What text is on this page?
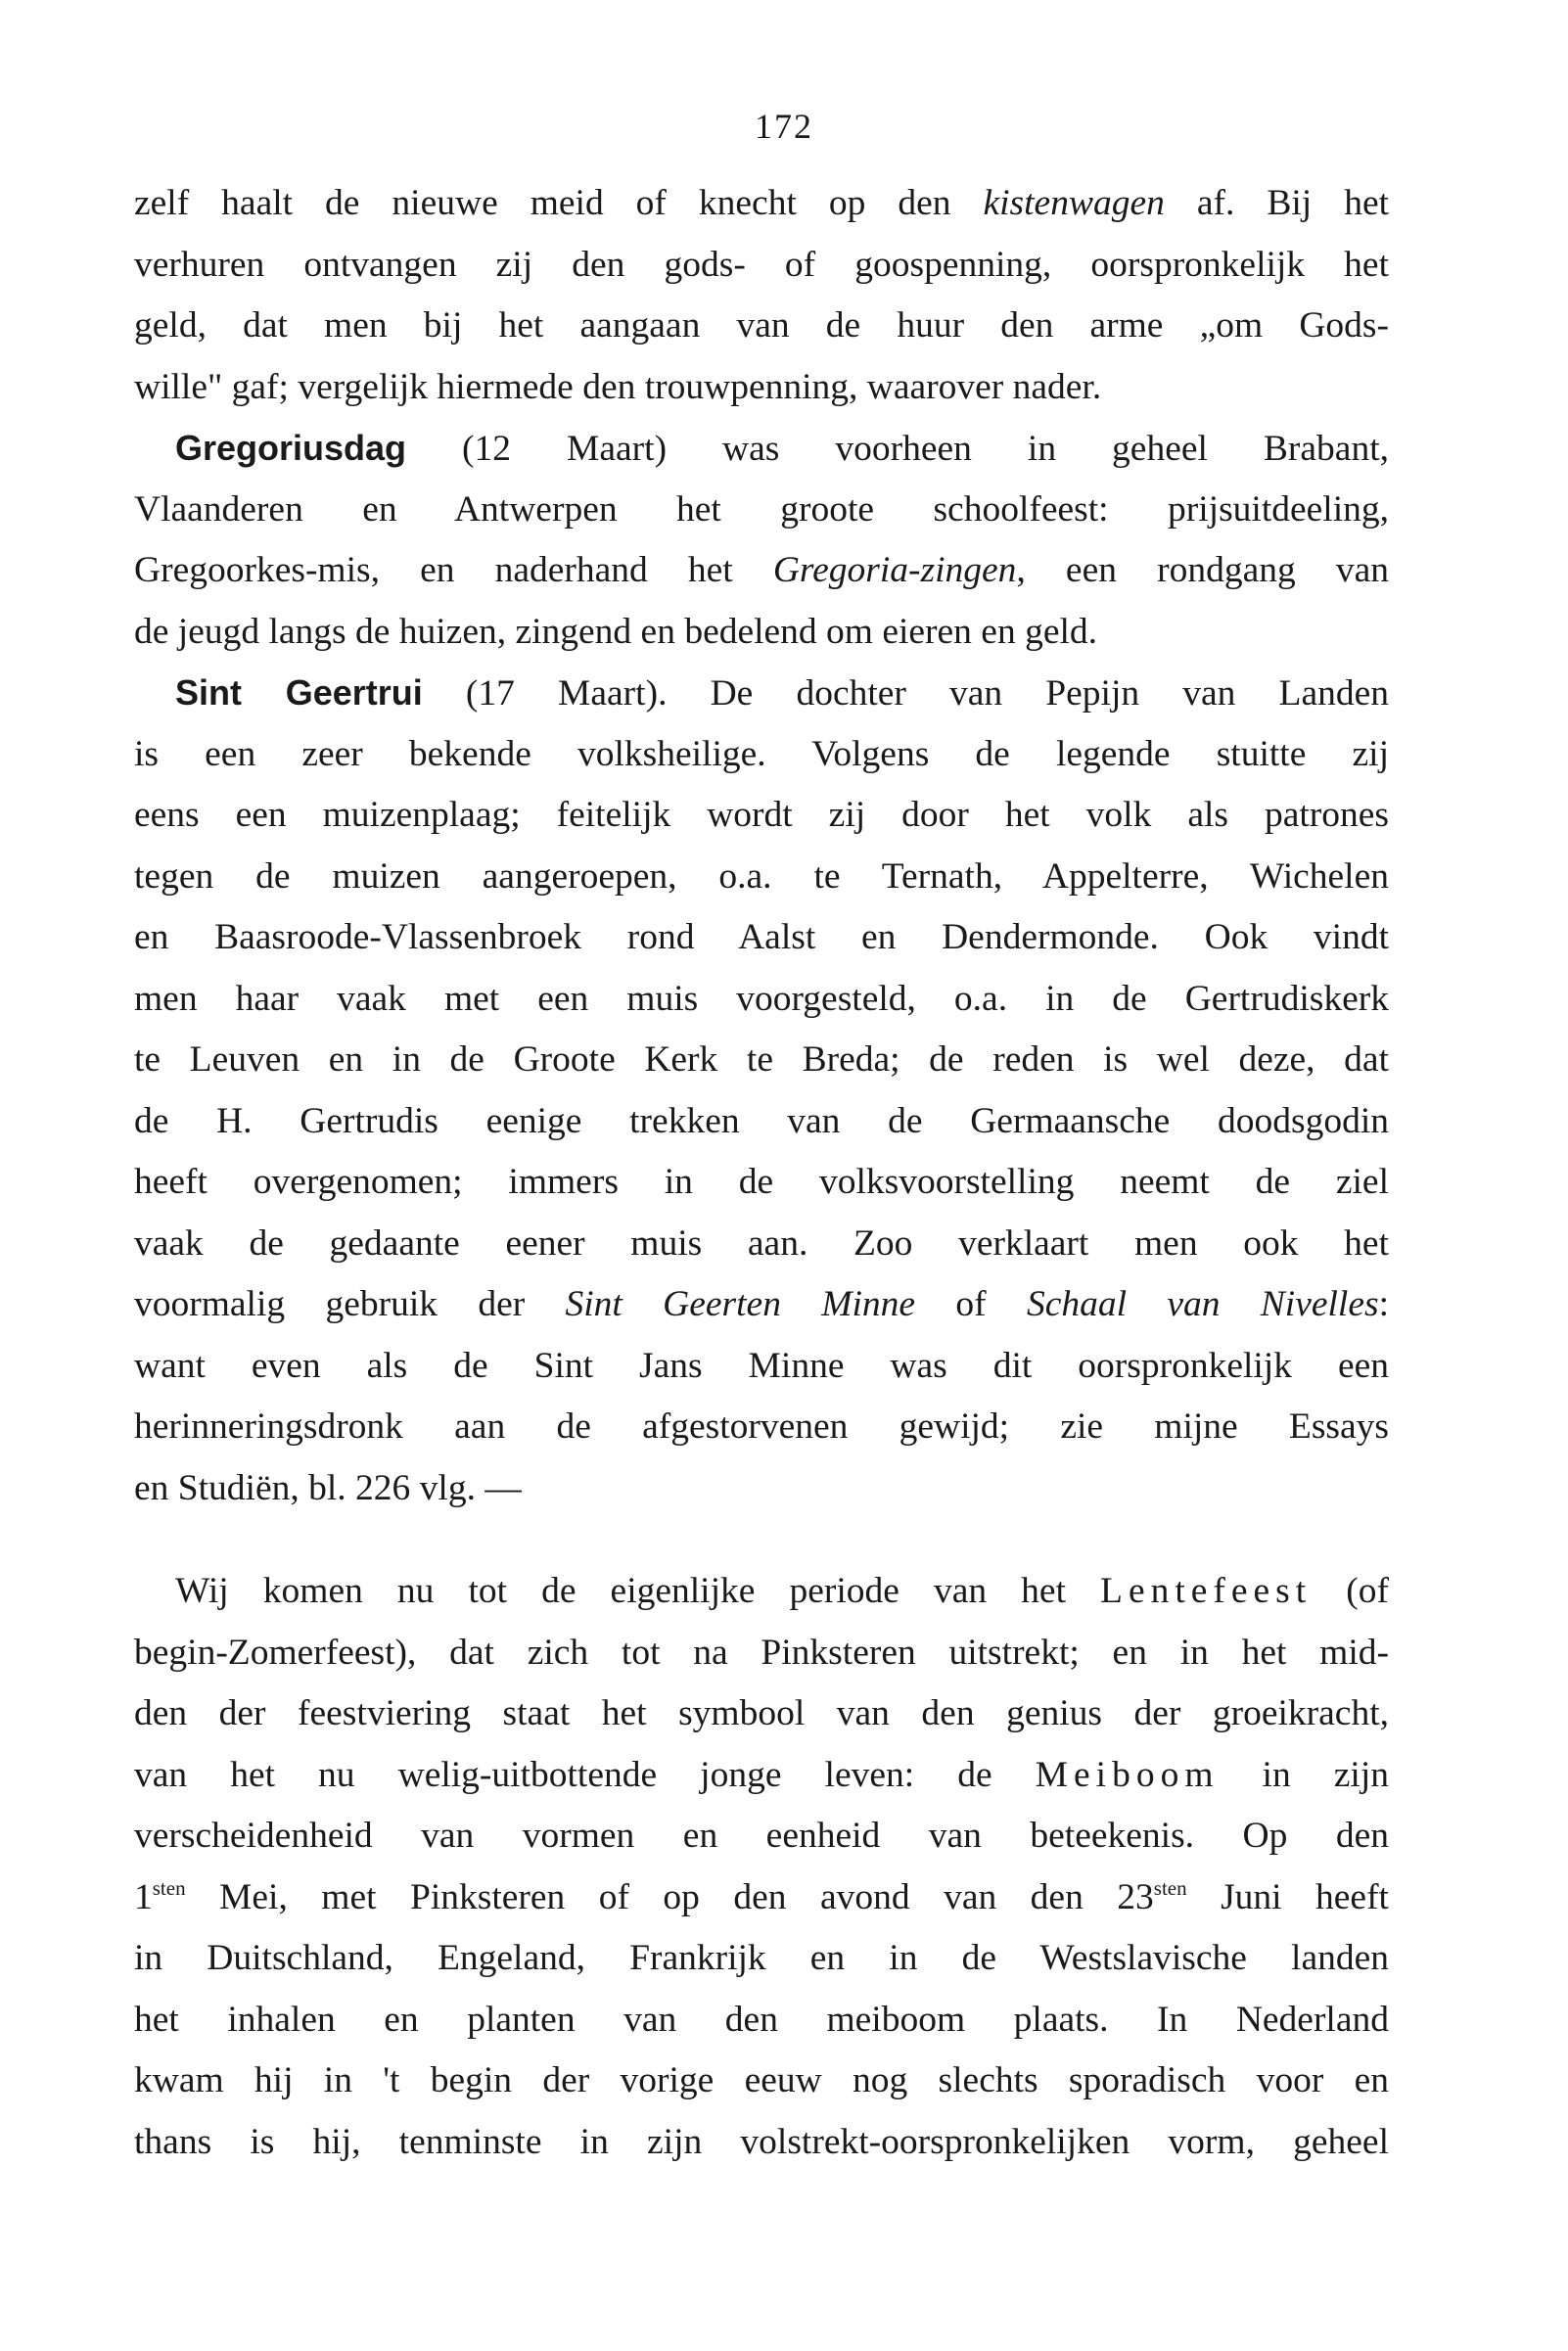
172
zelf haalt de nieuwe meid of knecht op den kistenwagen af. Bij het
verhuren ontvangen zij den gods- of goospenning, oorspronkelijk het
geld, dat men bij het aangaan van de huur den arme „om Gods-
wille" gaf; vergelijk hiermede den trouwpenning, waarover nader.
Gregoriusdag (12 Maart) was voorheen in geheel Brabant,
Vlaanderen en Antwerpen het groote schoolfeest: prijsuitdeeling,
Gregoorkes-mis, en naderhand het Gregoria-zingen, een rondgang van
de jeugd langs de huizen, zingend en bedelend om eieren en geld.
Sint Geertrui (17 Maart). De dochter van Pepijn van Landen
is een zeer bekende volksheilige. Volgens de legende stuitte zij
eens een muizenplaag; feitelijk wordt zij door het volk als patrones
tegen de muizen aangeroepen, o.a. te Ternath, Appelterre, Wichelen
en Baasroode-Vlassenbroek rond Aalst en Dendermonde. Ook vindt
men haar vaak met een muis voorgesteld, o.a. in de Gertrudiskerk
te Leuven en in de Groote Kerk te Breda; de reden is wel deze, dat
de H. Gertrudis eenige trekken van de Germaansche doodsgodin
heeft overgenomen; immers in de volksvoorstelling neemt de ziel
vaak de gedaante eener muis aan. Zoo verklaart men ook het
voormalig gebruik der Sint Geerten Minne of Schaal van Nivelles:
want even als de Sint Jans Minne was dit oorspronkelijk een
herinneringsdronk aan de afgestorvenen gewijd; zie mijne Essays
en Studiën, bl. 226 vlg. —
Wij komen nu tot de eigenlijke periode van het Lentefeest (of
begin-Zomerfeest), dat zich tot na Pinksteren uitstrekt; en in het mid-
den der feestviering staat het symbool van den genius der groeikracht,
van het nu welig-uitbottende jonge leven: de Meiboom in zijn
verscheidenheid van vormen en eenheid van beteekenis. Op den
$1^{sten}$ Mei, met Pinksteren of op den avond van den $23^{sten}$ Juni heeft
in Duitschland, Engeland, Frankrijk en in de Westslavische landen
het inhalen en planten van den meiboom plaats. In Nederland
kwam hij in 't begin der vorige eeuw nog slechts sporadisch voor en
thans is hij, tenminste in zijn volstrekt-oorspronkelijken vorm, geheel
